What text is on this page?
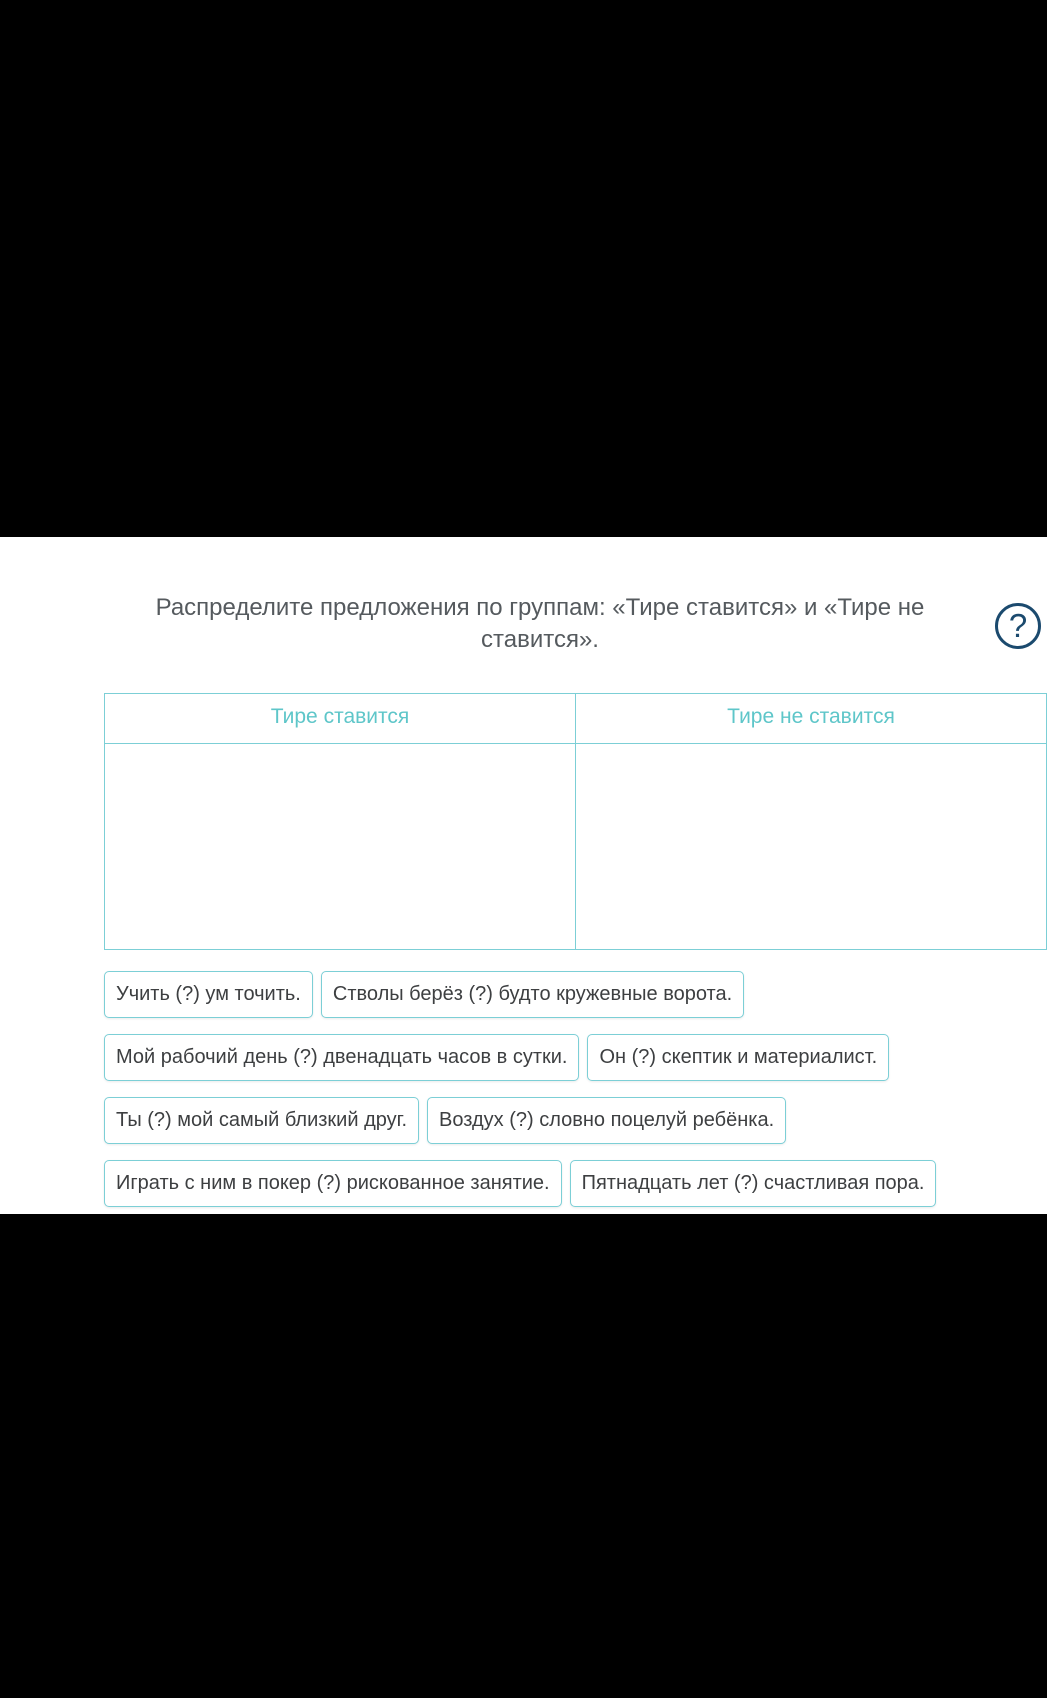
Распределите предложения по группам: «Тире ставится» и «Тире не ставится».	?
Тире ставится	Тире не ставится
Учить (?) ум точить.	Стволы берёз (?) будто кружевные ворота.
Мой рабочий день (?) двенадцать часов в сутки.	Он (?) скептик и материалист.
Ты (?) мой самый близкий друг.	Воздух (?) словно поцелуй ребёнка.
Играть с ним в покер (?) рискованное занятие.	Пятнадцать лет (?) счастливая пора.
